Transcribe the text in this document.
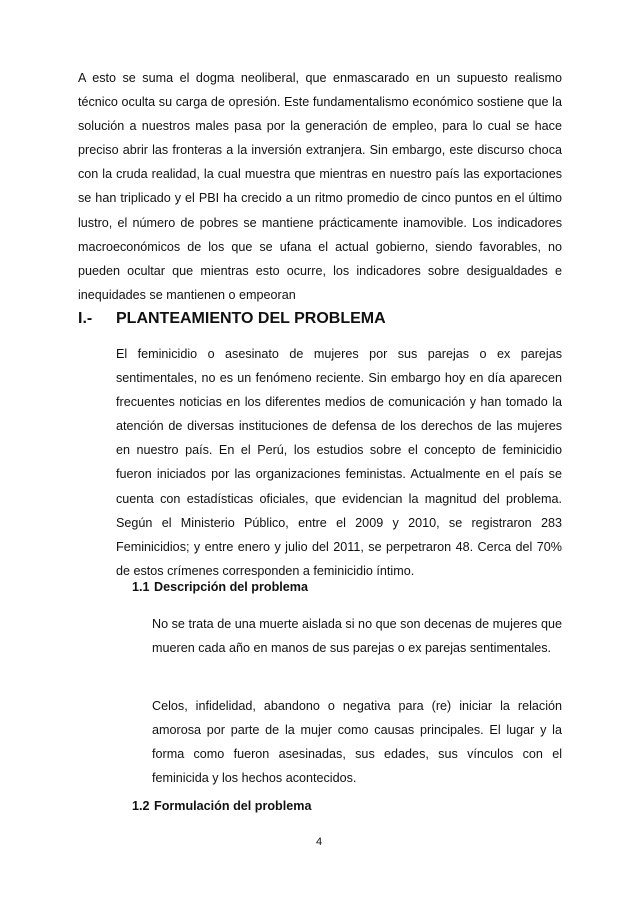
A esto se suma el dogma neoliberal, que enmascarado en un supuesto realismo técnico oculta su carga de opresión. Este fundamentalismo económico sostiene que la solución a nuestros males pasa por la generación de empleo, para lo cual se hace preciso abrir las fronteras a la inversión extranjera. Sin embargo, este discurso choca con la cruda realidad, la cual muestra que mientras en nuestro país las exportaciones se han triplicado y el PBI ha crecido a un ritmo promedio de cinco puntos en el último lustro, el número de pobres se mantiene prácticamente inamovible. Los indicadores macroeconómicos de los que se ufana el actual gobierno, siendo favorables, no pueden ocultar que mientras esto ocurre, los indicadores sobre desigualdades e inequidades se mantienen o empeoran

I.- PLANTEAMIENTO DEL PROBLEMA

El feminicidio o asesinato de mujeres por sus parejas o ex parejas sentimentales, no es un fenómeno reciente. Sin embargo hoy en día aparecen frecuentes noticias en los diferentes medios de comunicación y han tomado la atención de diversas instituciones de defensa de los derechos de las mujeres en nuestro país. En el Perú, los estudios sobre el concepto de feminicidio fueron iniciados por las organizaciones feministas. Actualmente en el país se cuenta con estadísticas oficiales, que evidencian la magnitud del problema. Según el Ministerio Público, entre el 2009 y 2010, se registraron 283 Feminicidios; y entre enero y julio del 2011, se perpetraron 48. Cerca del 70% de estos crímenes corresponden a feminicidio íntimo.

1.1 Descripción del problema

No se trata de una muerte aislada si no que son decenas de mujeres que mueren cada año en manos de sus parejas o ex parejas sentimentales.

Celos, infidelidad, abandono o negativa para (re) iniciar la relación amorosa por parte de la mujer como causas principales. El lugar y la forma como fueron asesinadas, sus edades, sus vínculos con el feminicida y los hechos acontecidos.

1.2 Formulación del problema
4
